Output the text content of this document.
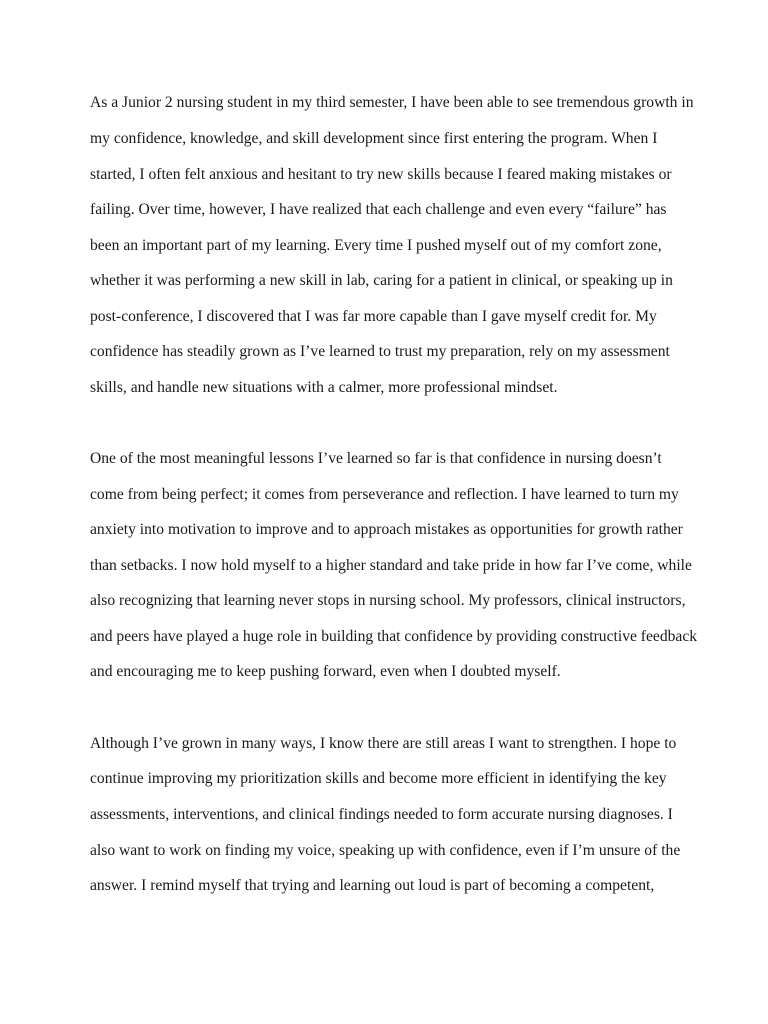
As a Junior 2 nursing student in my third semester, I have been able to see tremendous growth in

my confidence, knowledge, and skill development since first entering the program. When I

started, I often felt anxious and hesitant to try new skills because I feared making mistakes or

failing. Over time, however, I have realized that each challenge and even every “failure” has

been an important part of my learning. Every time I pushed myself out of my comfort zone,

whether it was performing a new skill in lab, caring for a patient in clinical, or speaking up in

post-conference, I discovered that I was far more capable than I gave myself credit for. My

confidence has steadily grown as I’ve learned to trust my preparation, rely on my assessment

skills, and handle new situations with a calmer, more professional mindset.

One of the most meaningful lessons I’ve learned so far is that confidence in nursing doesn’t

come from being perfect; it comes from perseverance and reflection. I have learned to turn my

anxiety into motivation to improve and to approach mistakes as opportunities for growth rather

than setbacks. I now hold myself to a higher standard and take pride in how far I’ve come, while

also recognizing that learning never stops in nursing school. My professors, clinical instructors,

and peers have played a huge role in building that confidence by providing constructive feedback

and encouraging me to keep pushing forward, even when I doubted myself.

Although I’ve grown in many ways, I know there are still areas I want to strengthen. I hope to

continue improving my prioritization skills and become more efficient in identifying the key

assessments, interventions, and clinical findings needed to form accurate nursing diagnoses. I

also want to work on finding my voice, speaking up with confidence, even if I’m unsure of the

answer. I remind myself that trying and learning out loud is part of becoming a competent,
